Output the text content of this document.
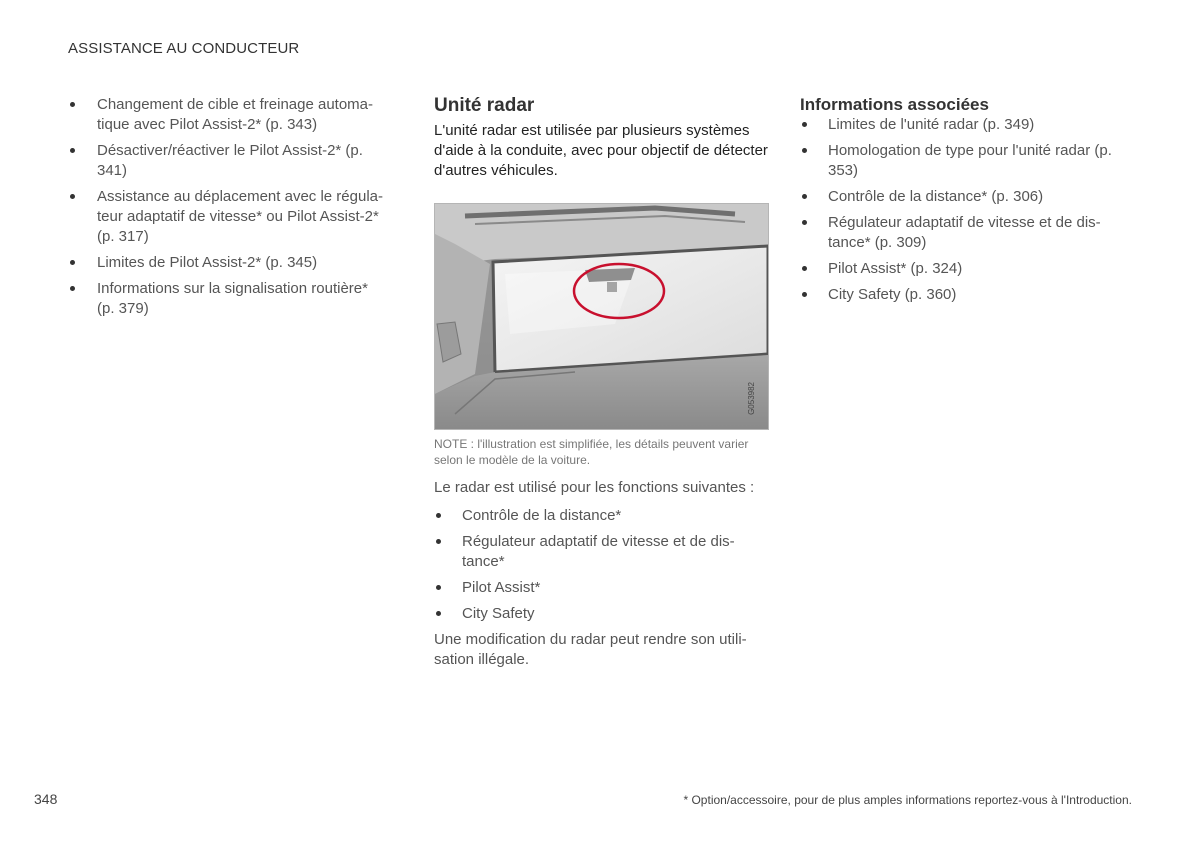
ASSISTANCE AU CONDUCTEUR
Changement de cible et freinage automa-tique avec Pilot Assist-2* (p. 343)
Désactiver/réactiver le Pilot Assist-2* (p. 341)
Assistance au déplacement avec le régula-teur adaptatif de vitesse* ou Pilot Assist-2* (p. 317)
Limites de Pilot Assist-2* (p. 345)
Informations sur la signalisation routière* (p. 379)
Unité radar

L'unité radar est utilisée par plusieurs systèmes d'aide à la conduite, avec pour objectif de détecter d'autres véhicules.

G053982
NOTE : l'illustration est simplifiée, les détails peuvent varier selon le modèle de la voiture.

Le radar est utilisé pour les fonctions suivantes :

Contrôle de la distance*
Régulateur adaptatif de vitesse et de dis-tance*
Pilot Assist*
City Safety

Une modification du radar peut rendre son utili-sation illégale.

Informations associées
Limites de l'unité radar (p. 349)
Homologation de type pour l'unité radar (p. 353)
Contrôle de la distance* (p. 306)
Régulateur adaptatif de vitesse et de dis-tance* (p. 309)
Pilot Assist* (p. 324)
City Safety (p. 360)
348	* Option/accessoire, pour de plus amples informations reportez-vous à l'Introduction.
